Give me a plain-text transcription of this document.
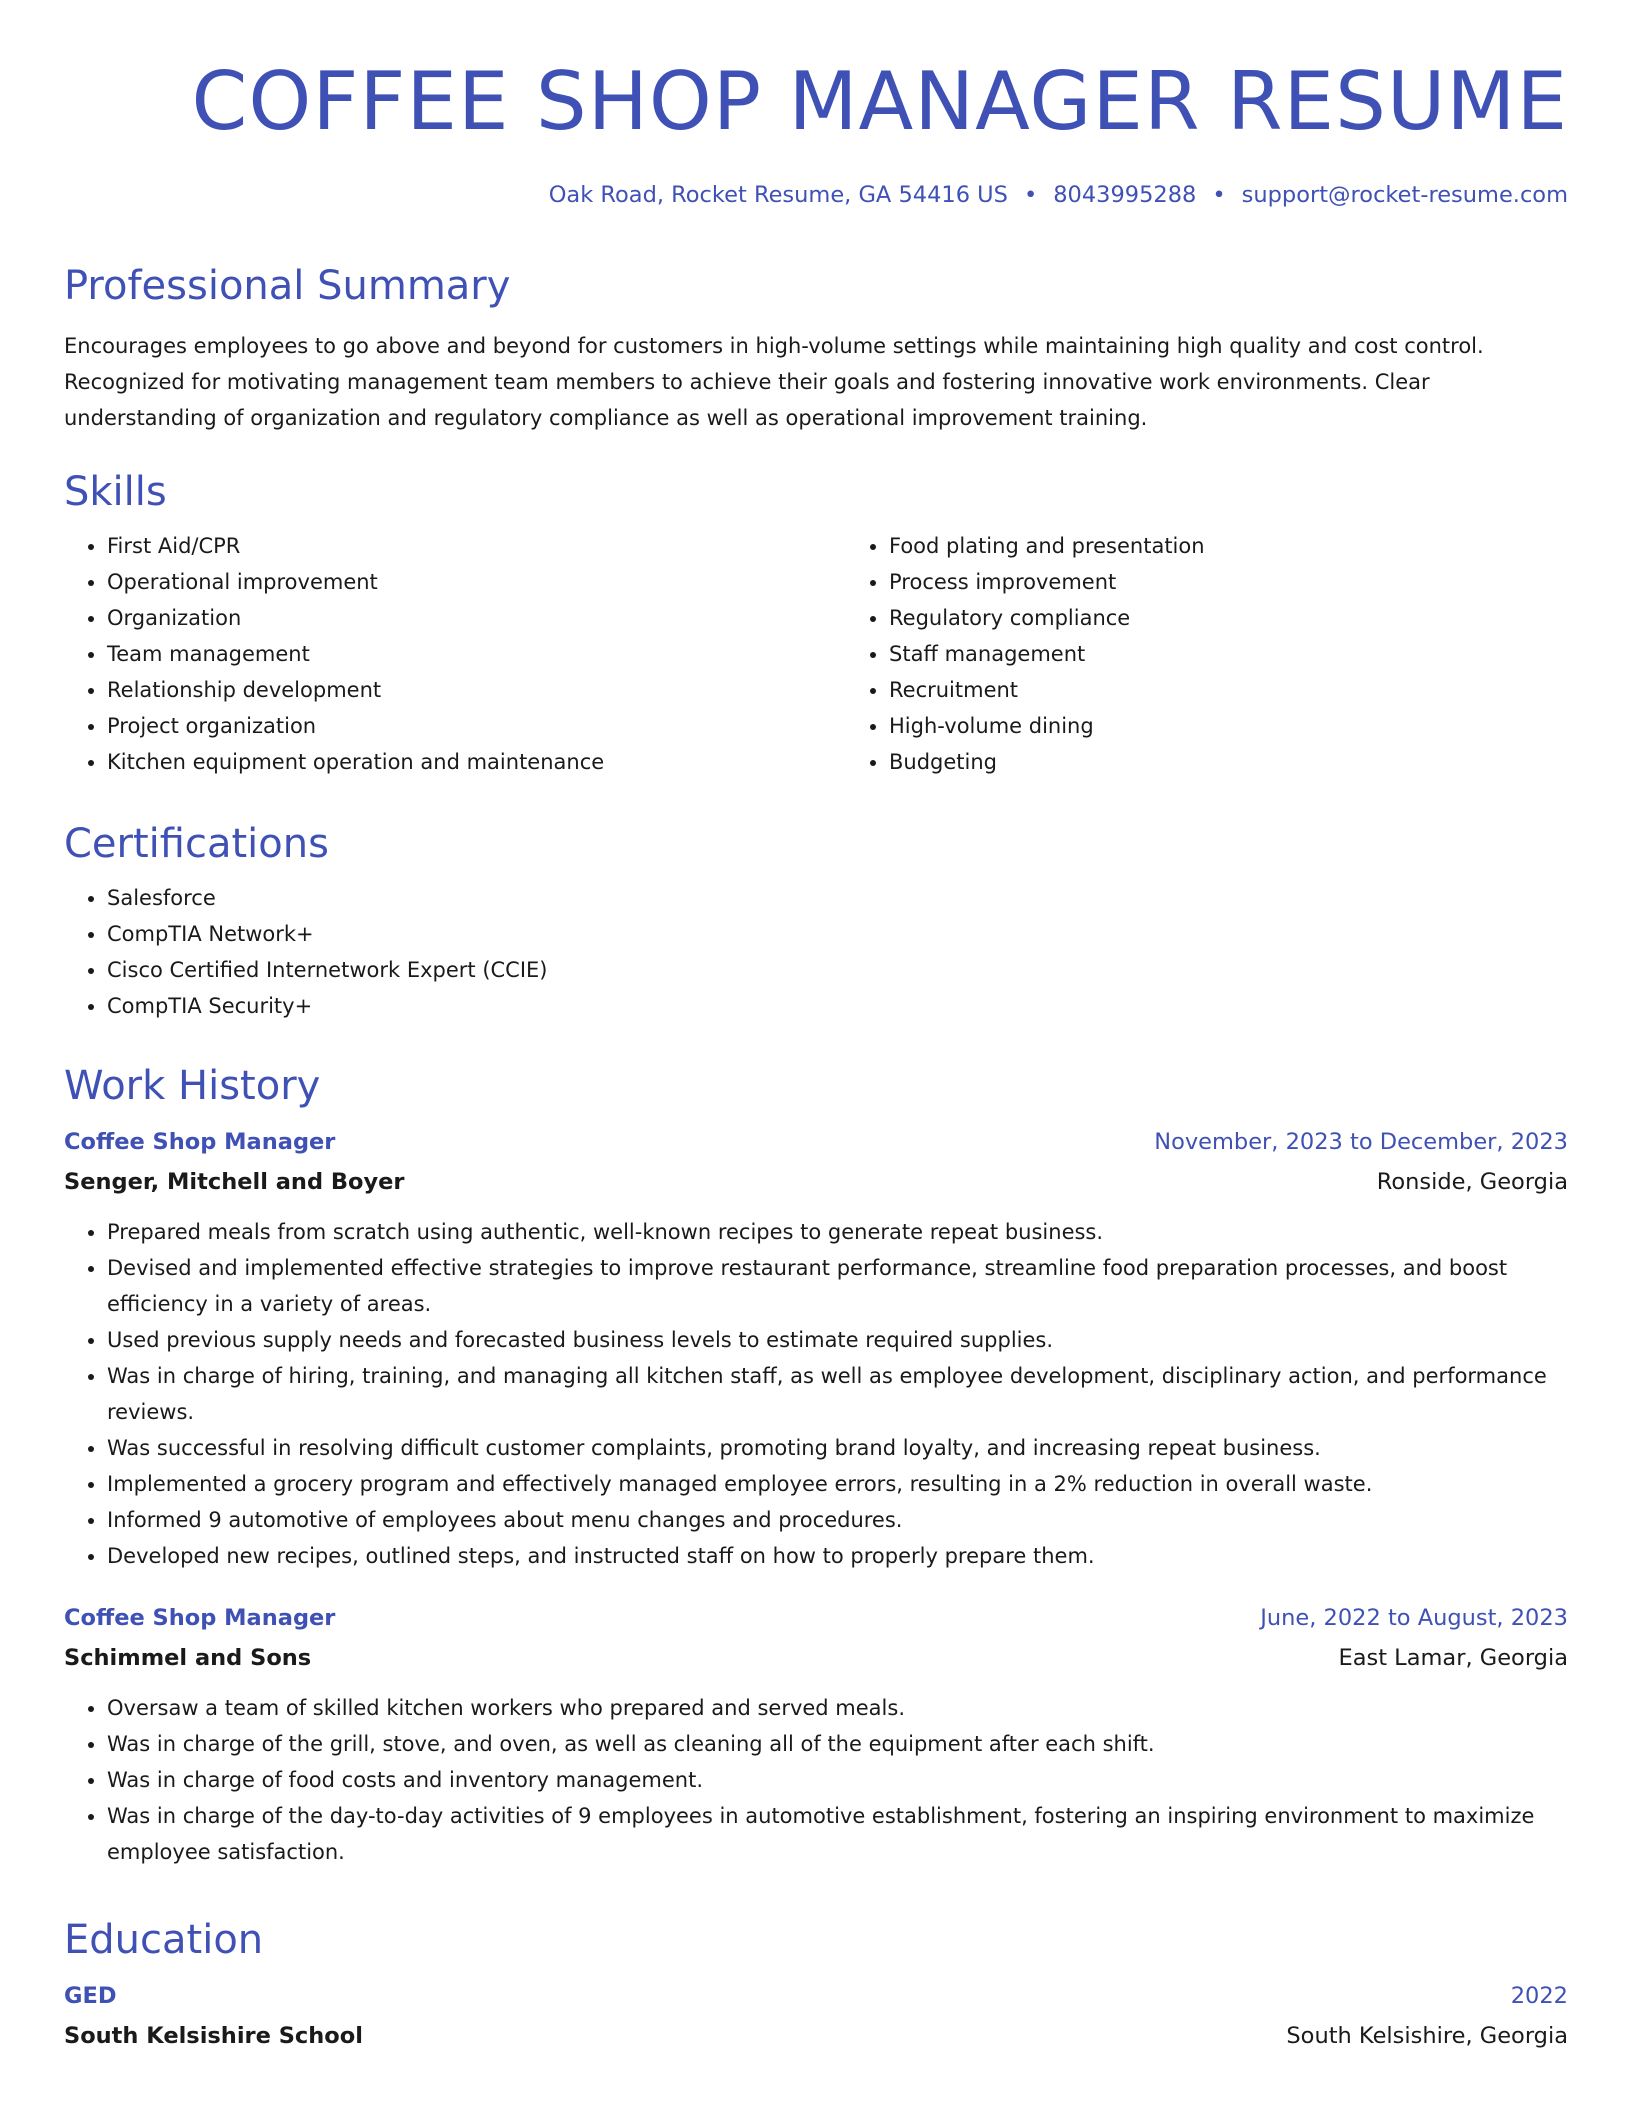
COFFEE SHOP MANAGER RESUME
Oak Road, Rocket Resume, GA 54416 US • 8043995288 • support@rocket-resume.com
Professional Summary

Encourages employees to go above and beyond for customers in high-volume settings while maintaining high quality and cost control. Recognized for motivating management team members to achieve their goals and fostering innovative work environments. Clear understanding of organization and regulatory compliance as well as operational improvement training.

Skills
• First Aid/CPR
• Operational improvement
• Organization
• Team management
• Relationship development
• Project organization
• Kitchen equipment operation and maintenance
• Food plating and presentation
• Process improvement
• Regulatory compliance
• Staff management
• Recruitment
• High-volume dining
• Budgeting
Certifications
• Salesforce
• CompTIA Network+
• Cisco Certified Internetwork Expert (CCIE)
• CompTIA Security+
Work History
Coffee Shop Manager	November, 2023 to December, 2023
Senger, Mitchell and Boyer	Ronside, Georgia
• Prepared meals from scratch using authentic, well-known recipes to generate repeat business.
• Devised and implemented effective strategies to improve restaurant performance, streamline food preparation processes, and boost efficiency in a variety of areas.
• Used previous supply needs and forecasted business levels to estimate required supplies.
• Was in charge of hiring, training, and managing all kitchen staff, as well as employee development, disciplinary action, and performance reviews.
• Was successful in resolving difficult customer complaints, promoting brand loyalty, and increasing repeat business.
• Implemented a grocery program and effectively managed employee errors, resulting in a 2% reduction in overall waste.
• Informed 9 automotive of employees about menu changes and procedures.
• Developed new recipes, outlined steps, and instructed staff on how to properly prepare them.
Coffee Shop Manager	June, 2022 to August, 2023
Schimmel and Sons	East Lamar, Georgia
• Oversaw a team of skilled kitchen workers who prepared and served meals.
• Was in charge of the grill, stove, and oven, as well as cleaning all of the equipment after each shift.
• Was in charge of food costs and inventory management.
• Was in charge of the day-to-day activities of 9 employees in automotive establishment, fostering an inspiring environment to maximize employee satisfaction.
Education
GED	2022
South Kelsishire School	South Kelsishire, Georgia
